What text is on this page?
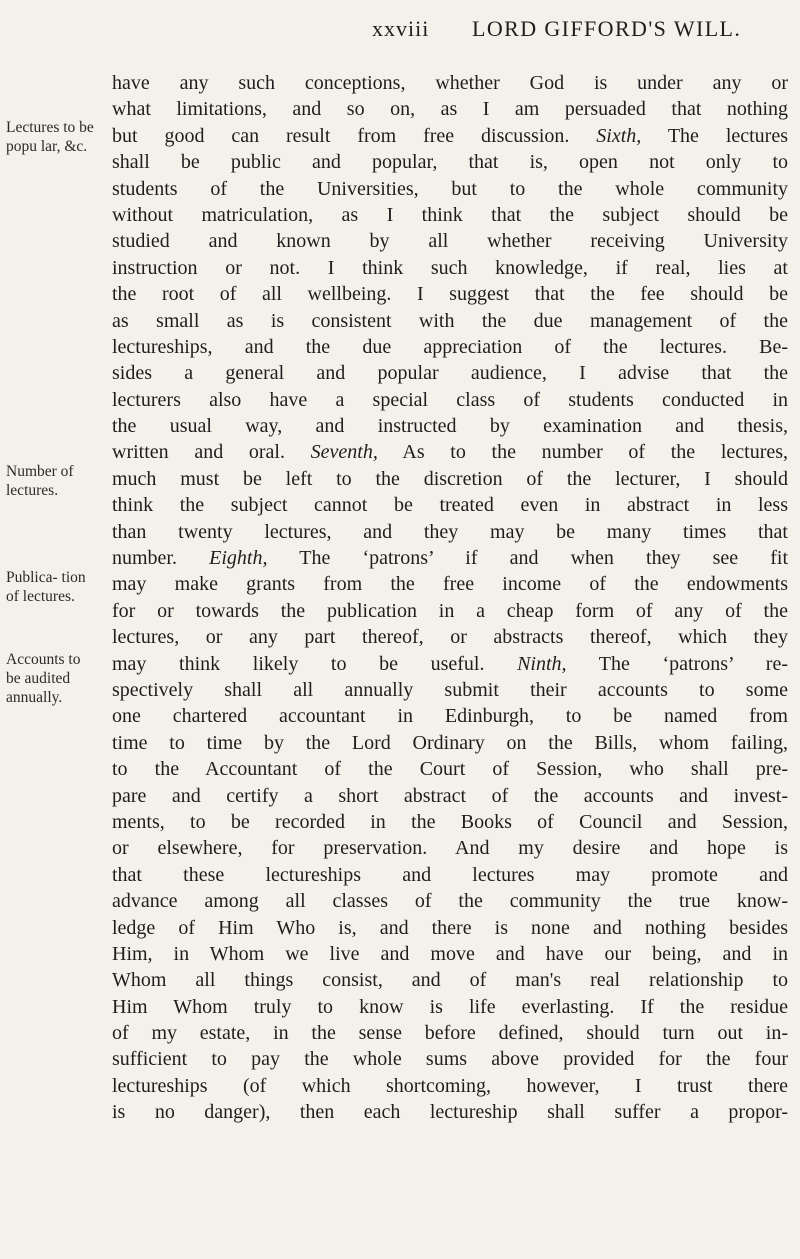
xxviii LORD GIFFORD'S WILL.
Lectures to be popu lar, &c.
Number of lectures.
Publica- tion of lectures.
Accounts to be audited annually.
have any such conceptions, whether God is under any or
what limitations, and so on, as I am persuaded that nothing
but good can result from free discussion. Sixth, The lectures
shall be public and popular, that is, open not only to
students of the Universities, but to the whole community
without matriculation, as I think that the subject should be
studied and known by all whether receiving University
instruction or not. I think such knowledge, if real, lies at
the root of all wellbeing. I suggest that the fee should be
as small as is consistent with the due management of the
lectureships, and the due appreciation of the lectures. Be-
sides a general and popular audience, I advise that the
lecturers also have a special class of students conducted in
the usual way, and instructed by examination and thesis,
written and oral. Seventh, As to the number of the lectures,
much must be left to the discretion of the lecturer, I should
think the subject cannot be treated even in abstract in less
than twenty lectures, and they may be many times that
number. Eighth, The ‘patrons’ if and when they see fit
may make grants from the free income of the endowments
for or towards the publication in a cheap form of any of the
lectures, or any part thereof, or abstracts thereof, which they
may think likely to be useful. Ninth, The ‘patrons’ re-
spectively shall all annually submit their accounts to some
one chartered accountant in Edinburgh, to be named from
time to time by the Lord Ordinary on the Bills, whom failing,
to the Accountant of the Court of Session, who shall pre-
pare and certify a short abstract of the accounts and invest-
ments, to be recorded in the Books of Council and Session,
or elsewhere, for preservation. And my desire and hope is
that these lectureships and lectures may promote and
advance among all classes of the community the true know-
ledge of Him Who is, and there is none and nothing besides
Him, in Whom we live and move and have our being, and in
Whom all things consist, and of man's real relationship to
Him Whom truly to know is life everlasting. If the residue
of my estate, in the sense before defined, should turn out in-
sufficient to pay the whole sums above provided for the four
lectureships (of which shortcoming, however, I trust there
is no danger), then each lectureship shall suffer a propor-
